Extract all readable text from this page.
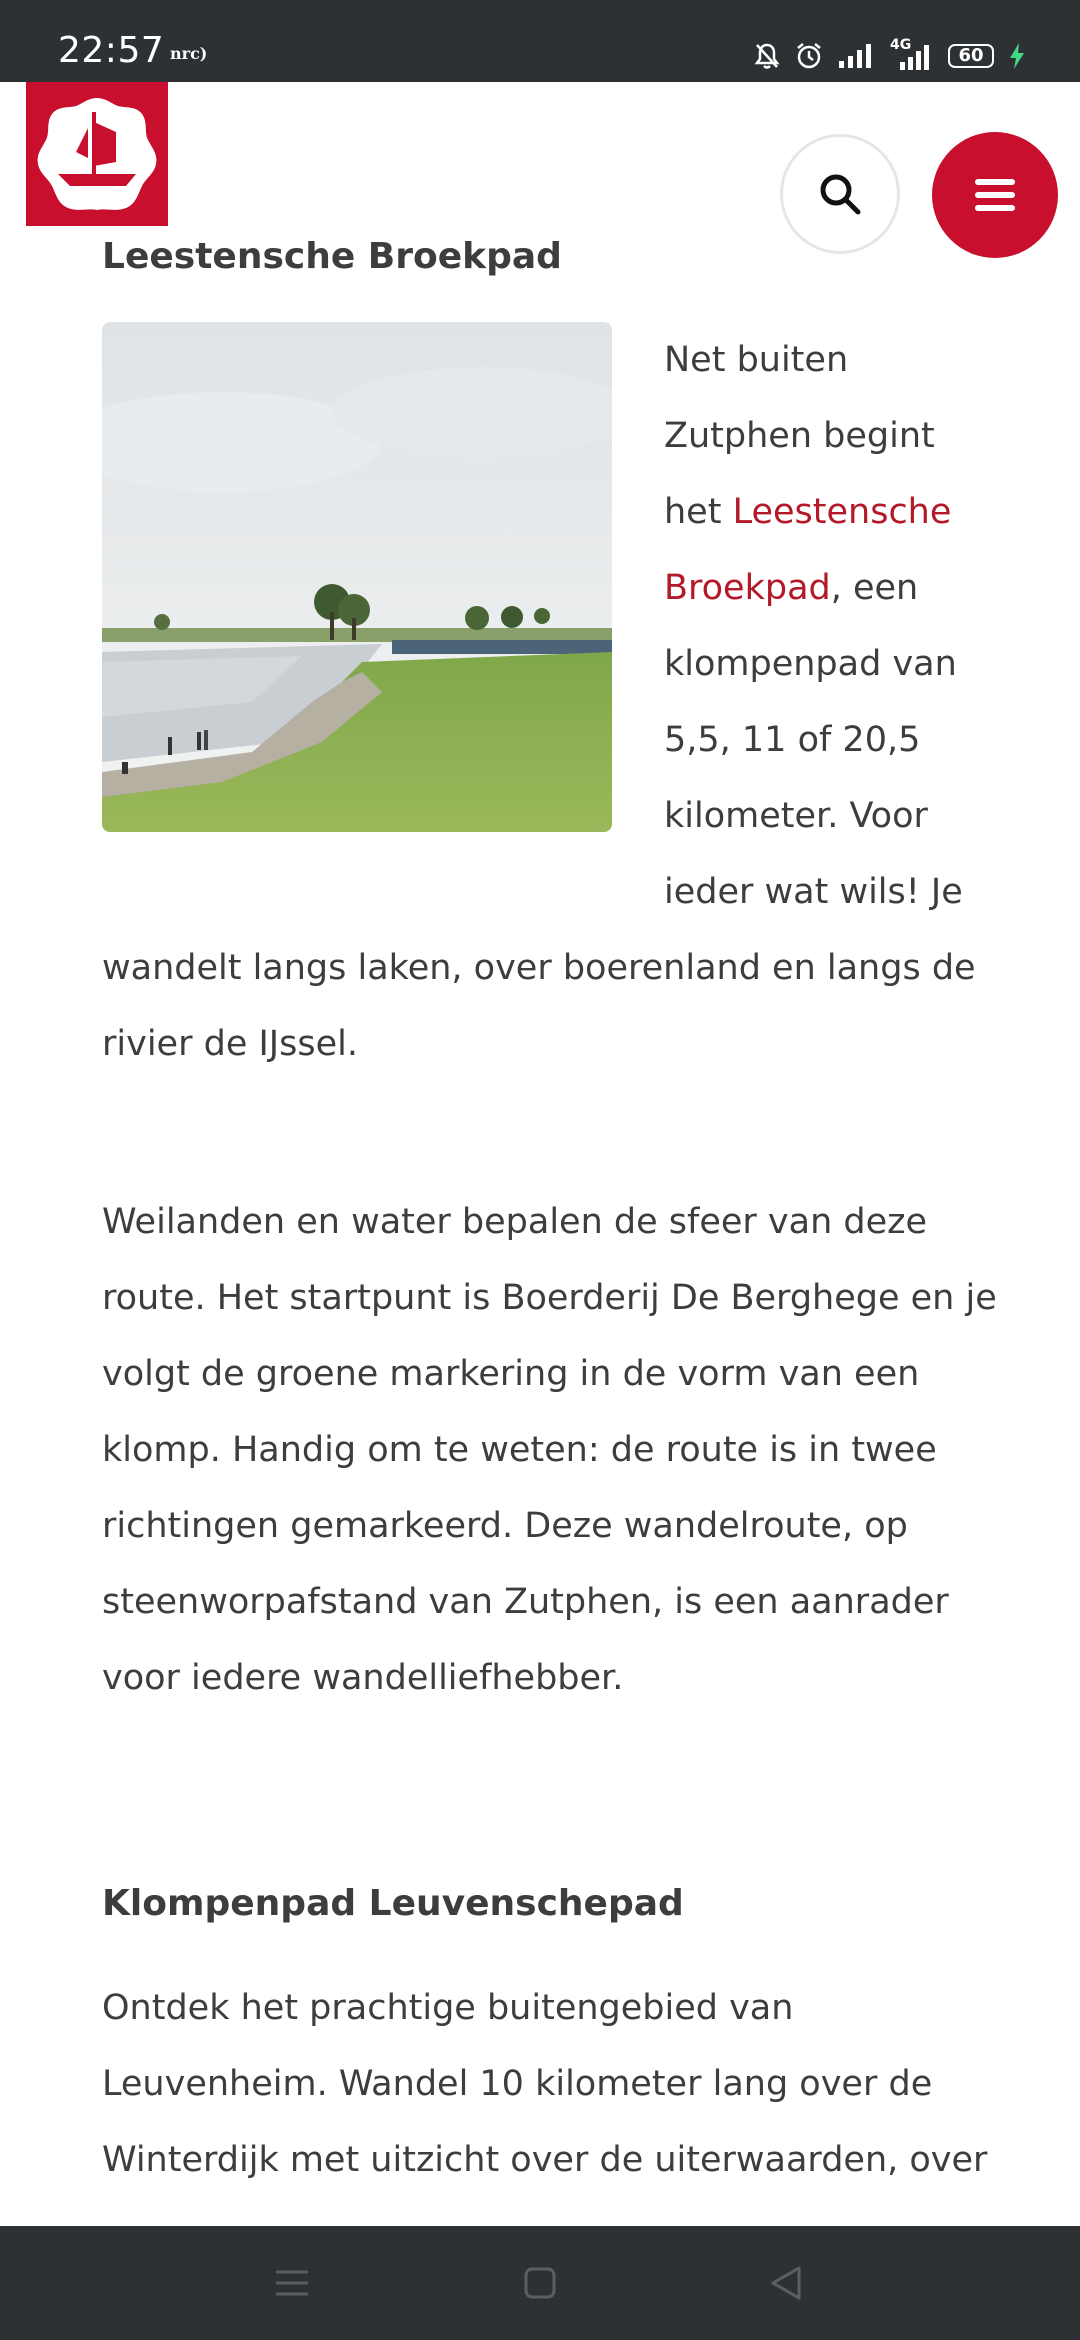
22:57 nrc)	4G	60
Leestensche Broekpad
Net buiten
Zutphen begint
het Leestensche
Broekpad, een
klompenpad van
5,5, 11 of 20,5
kilometer. Voor
ieder wat wils! Je
wandelt langs laken, over boerenland en langs de
rivier de IJssel.
Weilanden en water bepalen de sfeer van deze
route. Het startpunt is Boerderij De Berghege en je
volgt de groene markering in de vorm van een
klomp. Handig om te weten: de route is in twee
richtingen gemarkeerd. Deze wandelroute, op
steenworpafstand van Zutphen, is een aanrader
voor iedere wandelliefhebber.
Klompenpad Leuvenschepad
Ontdek het prachtige buitengebied van
Leuvenheim. Wandel 10 kilometer lang over de
Winterdijk met uitzicht over de uiterwaarden, over
